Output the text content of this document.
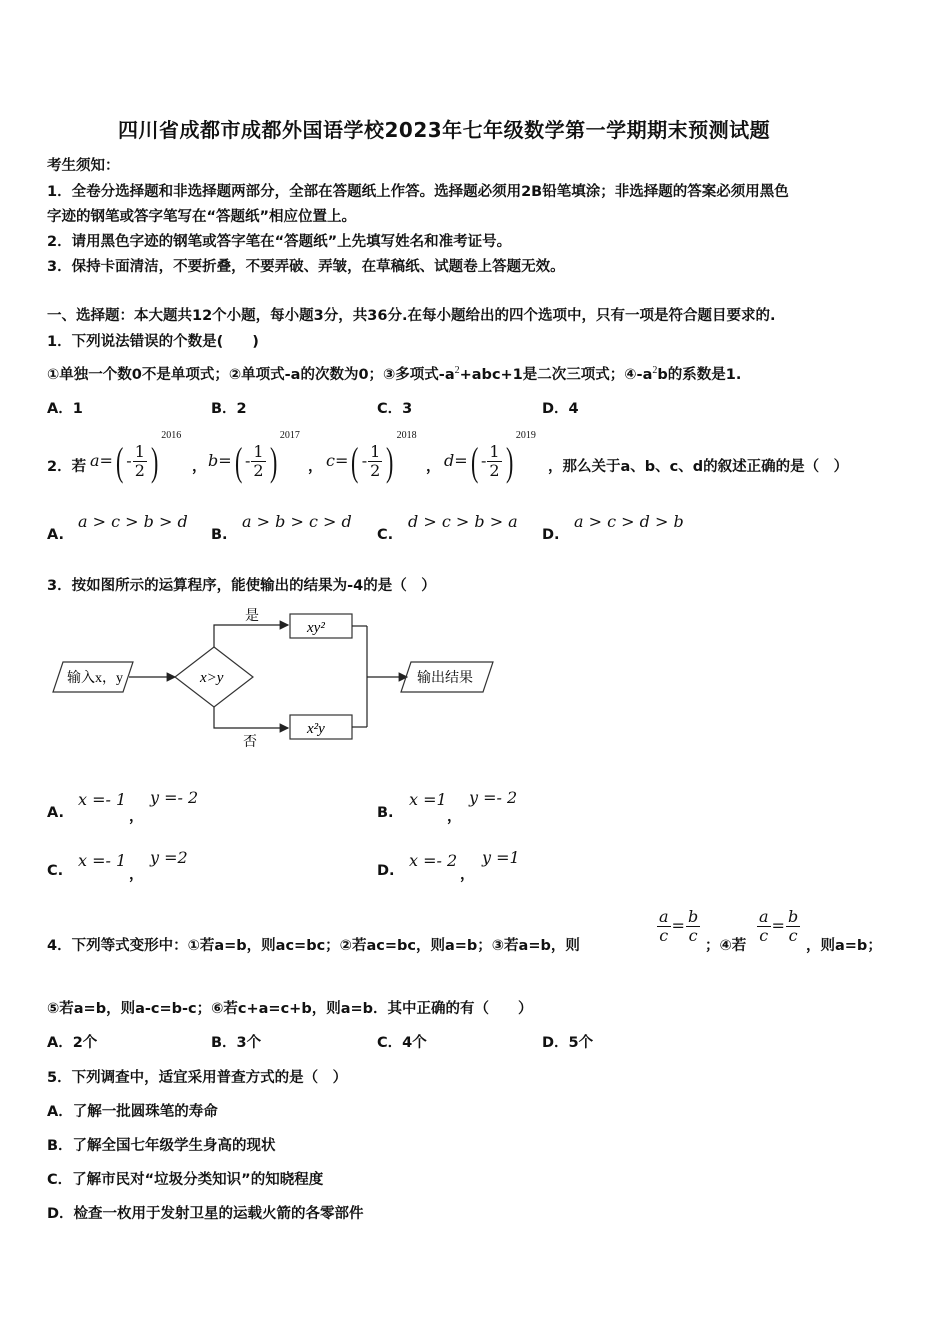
四川省成都市成都外国语学校2023年七年级数学第一学期期末预测试题
考生须知：
1．全卷分选择题和非选择题两部分，全部在答题纸上作答。选择题必须用2B铅笔填涂；非选择题的答案必须用黑色
字迹的钢笔或答字笔写在“答题纸”相应位置上。
2．请用黑色字迹的钢笔或答字笔在“答题纸”上先填写姓名和准考证号。
3．保持卡面清洁，不要折叠，不要弄破、弄皱，在草稿纸、试题卷上答题无效。
一、选择题：本大题共12个小题，每小题3分，共36分.在每小题给出的四个选项中，只有一项是符合题目要求的.
1．下列说法错误的个数是(　　)
①单独一个数0不是单项式；②单项式-a的次数为0；③多项式$-a^2+abc+1$是二次三项式；$④-a^2b$的系数是1.
A．1	B．2	C．3	D．4
2．若 $a=( - \frac{1}{2} )^{2016}$
， $b=( - \frac{1}{2} )^{2017}$
， $c=( - \frac{1}{2} )^{2018}$
， $d=( - \frac{1}{2} )^{2019}$
，那么关于a、b、c、d的叙述正确的是（　）
A.
a > c > b > d
B.
a > b > c > d
C.
d > c > b > a
D.
a > c > d > b
3．按如图所示的运算程序，能使输出的结果为-4的是（　）
输入x，y	x>y
是
xy²
否
x²y
输出结果
A.
x =- 1
，
y =- 2
B.
x =1
，
y =- 2
C.
x =- 1
，
y =2
D.
x =- 2
，
y =1
4．下列等式变形中：①若a=b，则ac=bc；②若ac=bc，则a=b；③若a=b，则
$\frac{a}{c} = \frac{b}{c}$
；④若
$\frac{a}{c} = \frac{b}{c}$
，则a=b；
⑤若a=b，则a-c=b-c；⑥若c+a=c+b，则a=b．其中正确的有（　　）
A．2个	B．3个	C．4个	D．5个
5．下列调查中，适宜采用普查方式的是（　）
A．了解一批圆珠笔的寿命
B．了解全国七年级学生身高的现状
C．了解市民对“垃圾分类知识”的知晓程度
D．检查一枚用于发射卫星的运载火箭的各零部件
